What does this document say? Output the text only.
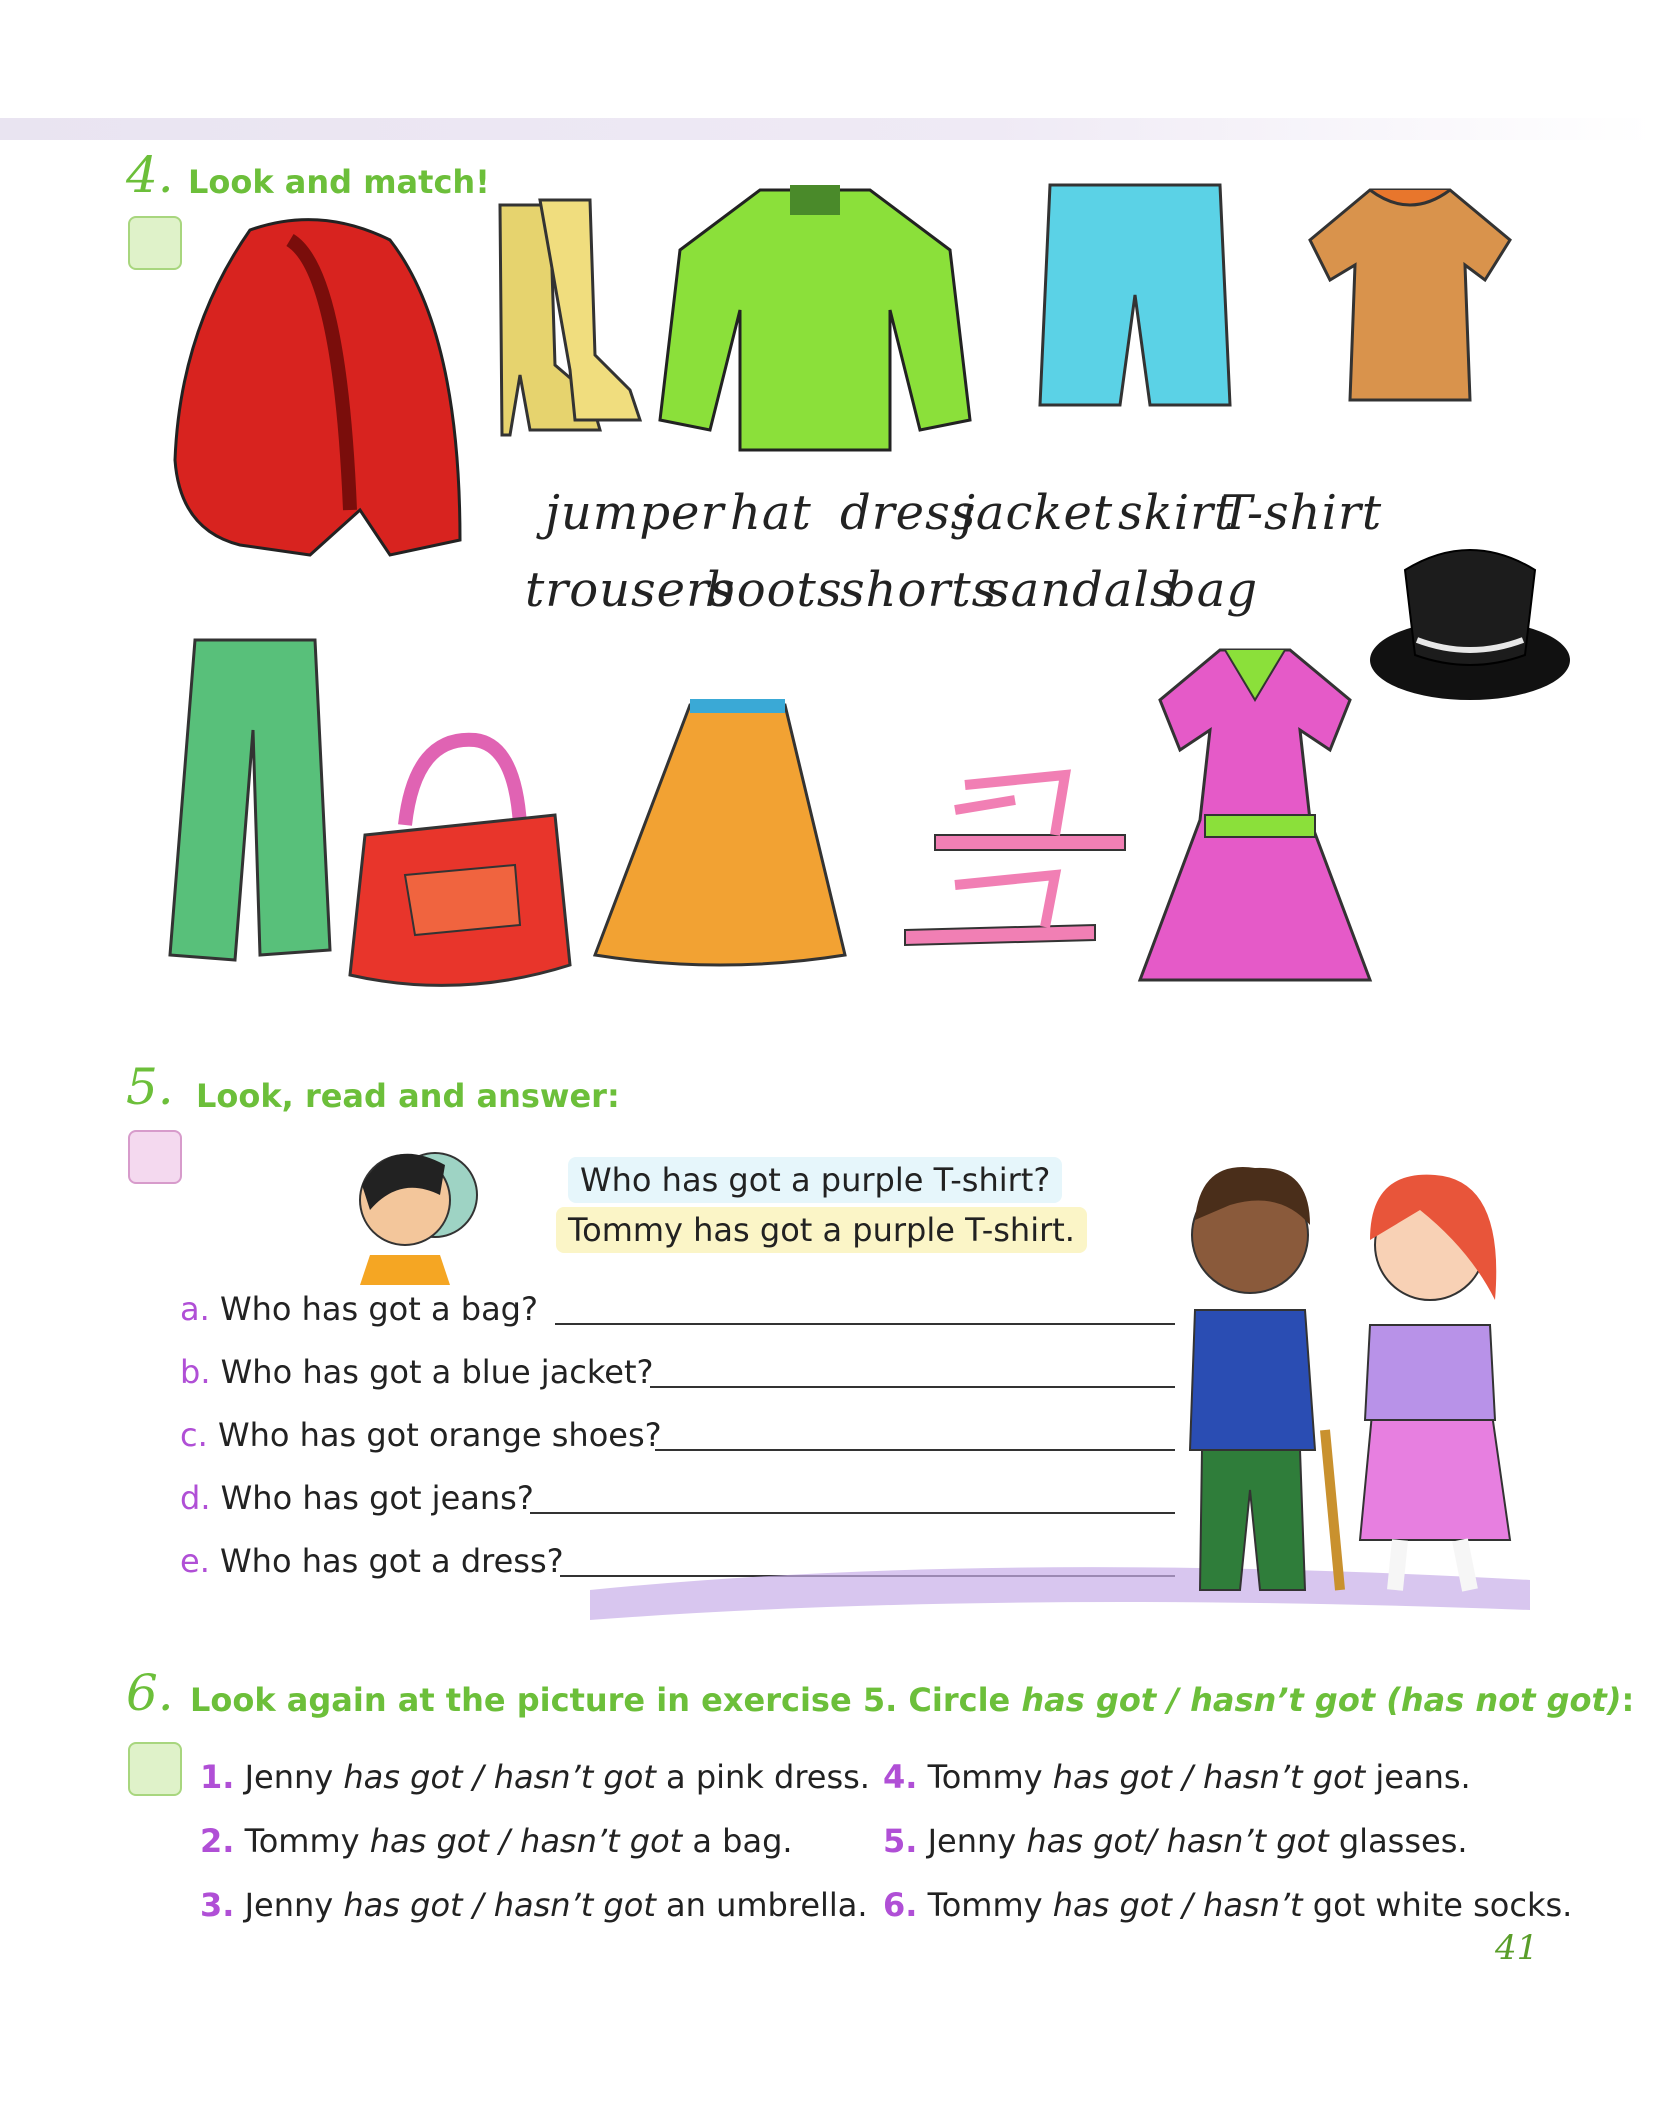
4. Look and match!
jumper hat dress
jacket skirt
T-shirt
trousers
boots
shorts
sandals
bag
5. Look, read and answer:
Who has got a purple T-shirt?
Tommy has got a purple T-shirt.
a. Who has got a bag?
b. Who has got a blue jacket?
c. Who has got orange shoes?
d. Who has got jeans?
e. Who has got a dress?
6. Look again at the picture in exercise 5. Circle has got / hasn’t got (has not got):
1. Jenny has got / hasn’t got a pink dress.
2. Tommy has got / hasn’t got a bag.
3. Jenny has got / hasn’t got an umbrella.
4. Tommy has got / hasn’t got jeans.
5. Jenny has got/ hasn’t got glasses.
6. Tommy has got / hasn’t got white socks.
41
